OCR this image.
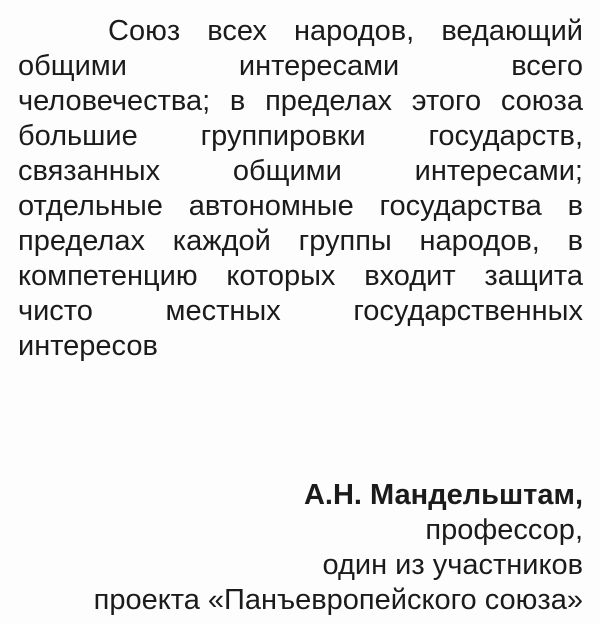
Союз всех народов, ведающий
общими интересами всего
человечества; в пределах этого союза
большие группировки государств,
связанных общими интересами;
отдельные автономные государства в
пределах каждой группы народов, в
компетенцию которых входит защита
чисто местных государственных
интересов
А.Н. Мандельштам,
профессор,
один из участников
проекта «Панъевропейского союза»
